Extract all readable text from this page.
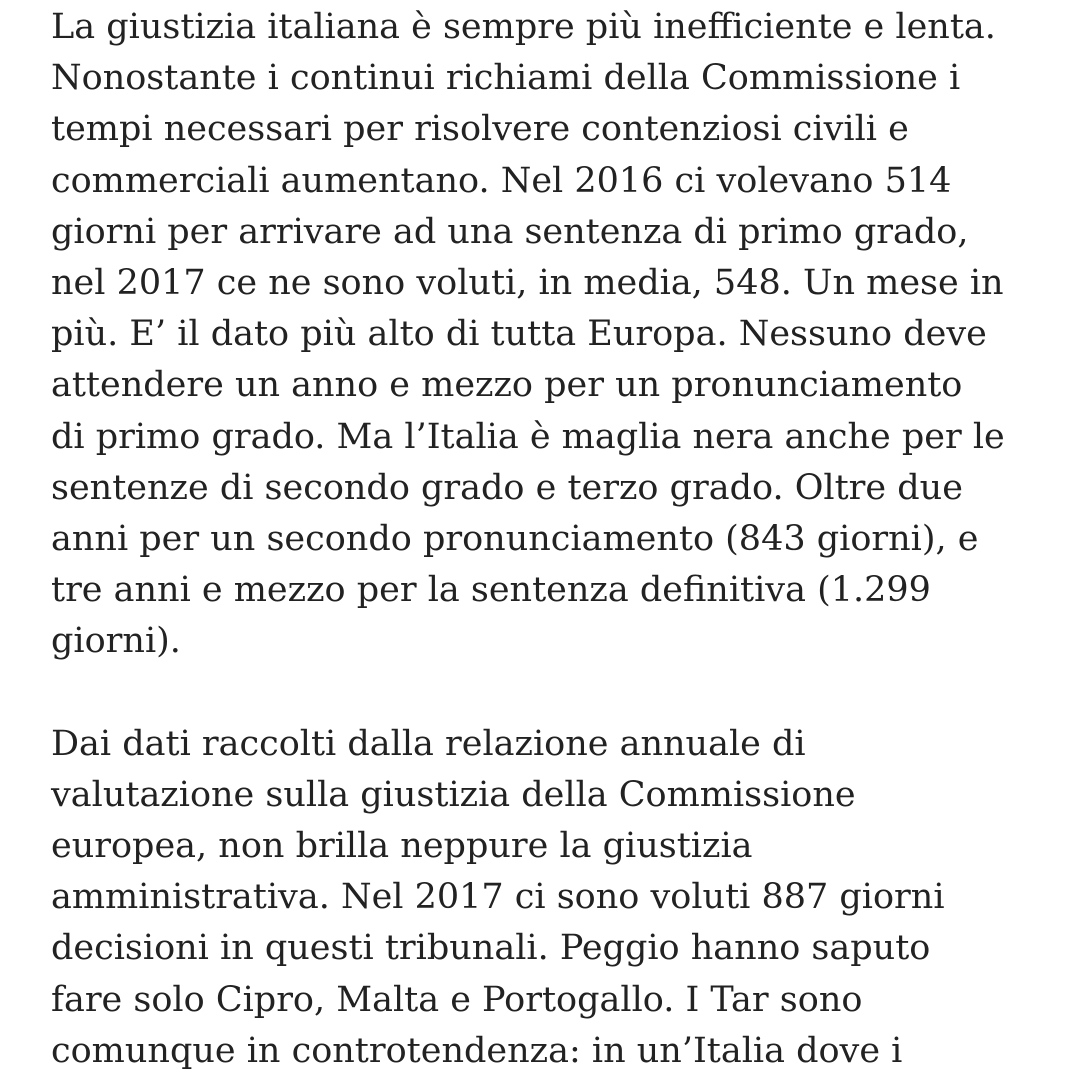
La giustizia italiana è sempre più inefficiente e lenta.
Nonostante i continui richiami della Commissione i
tempi necessari per risolvere contenziosi civili e
commerciali aumentano. Nel 2016 ci volevano 514
giorni per arrivare ad una sentenza di primo grado,
nel 2017 ce ne sono voluti, in media, 548. Un mese in
più. E’ il dato più alto di tutta Europa. Nessuno deve
attendere un anno e mezzo per un pronunciamento
di primo grado. Ma l’Italia è maglia nera anche per le
sentenze di secondo grado e terzo grado. Oltre due
anni per un secondo pronunciamento (843 giorni), e
tre anni e mezzo per la sentenza definitiva (1.299
giorni).
Dai dati raccolti dalla relazione annuale di
valutazione sulla giustizia della Commissione
europea, non brilla neppure la giustizia
amministrativa. Nel 2017 ci sono voluti 887 giorni
decisioni in questi tribunali. Peggio hanno saputo
fare solo Cipro, Malta e Portogallo. I Tar sono
comunque in controtendenza: in un’Italia dove i
